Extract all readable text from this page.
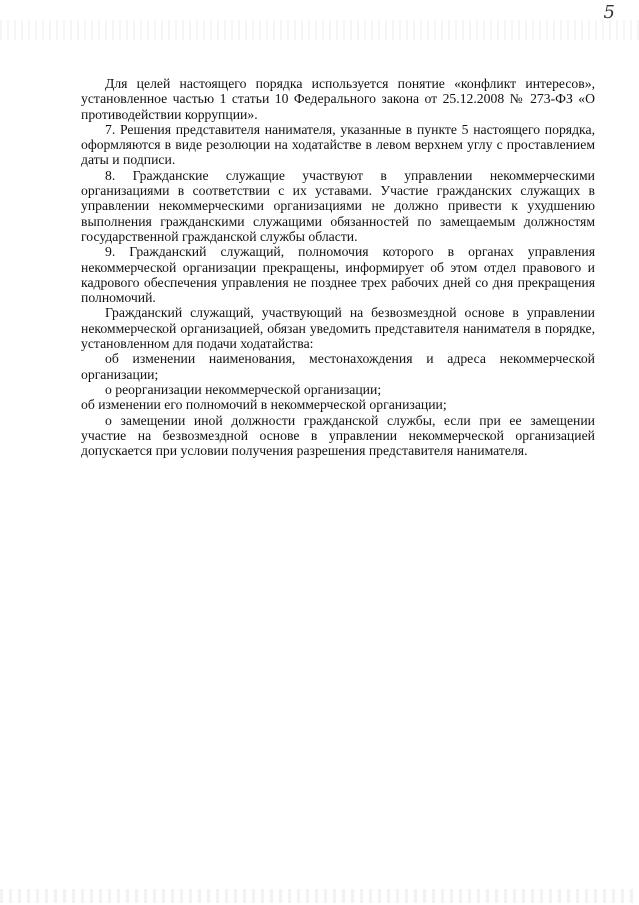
5

Для целей настоящего порядка используется понятие «конфликт интересов», установленное частью 1 статьи 10 Федерального закона от 25.12.2008 № 273-ФЗ «О противодействии коррупции».

7. Решения представителя нанимателя, указанные в пункте 5 настоящего порядка, оформляются в виде резолюции на ходатайстве в левом верхнем углу с проставлением даты и подписи.

8. Гражданские служащие участвуют в управлении некоммерческими организациями в соответствии с их уставами. Участие гражданских служащих в управлении некоммерческими организациями не должно привести к ухудшению выполнения гражданскими служащими обязанностей по замещаемым должностям государственной гражданской службы области.

9. Гражданский служащий, полномочия которого в органах управления некоммерческой организации прекращены, информирует об этом отдел правового и кадрового обеспечения управления не позднее трех рабочих дней со дня прекращения полномочий.

Гражданский служащий, участвующий на безвозмездной основе в управлении некоммерческой организацией, обязан уведомить представителя нанимателя в порядке, установленном для подачи ходатайства:

об изменении наименования, местонахождения и адреса некоммерческой организации;

о реорганизации некоммерческой организации;

об изменении его полномочий в некоммерческой организации;

о замещении иной должности гражданской службы, если при ее замещении участие на безвозмездной основе в управлении некоммерческой организацией допускается при условии получения разрешения представителя нанимателя.
